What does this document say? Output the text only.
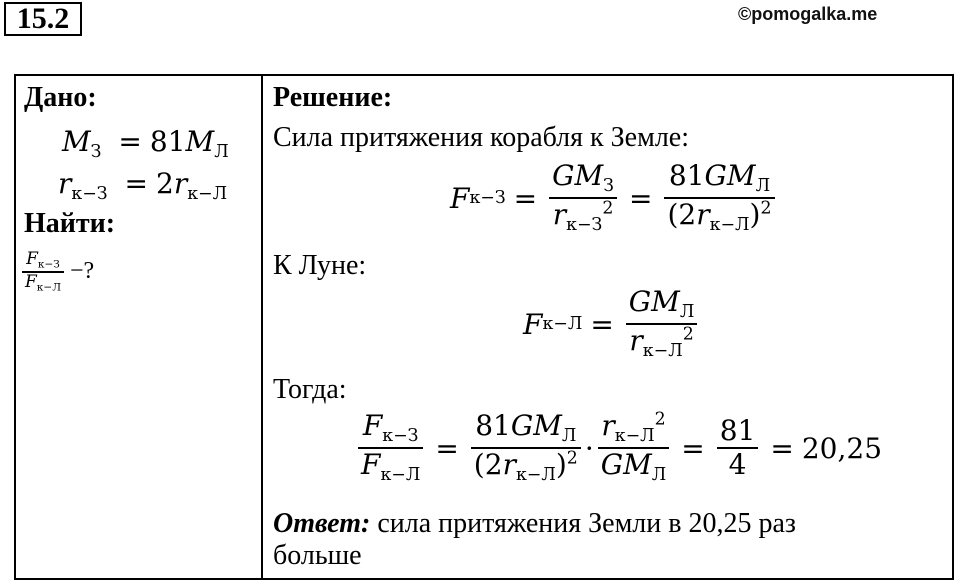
15.2	©pomogalka.me
Дано:
$M_З = 81M_Л$
$r_{к-З} = 2r_{к-Л}$
Найти:
$\frac{F_{к-З}}{F_{к-Л}}$ −?
Решение:
Сила притяжения корабля к Земле:
F $к-З = \frac{GM_З}{r_{к-З}^2} = \frac{81GM_Л}{(2r_{к-Л})^2}$
К Луне:
F $к-Л = \frac{GM_Л}{r_{к-Л}^2}$
Тогда:
$\frac{F_{к-З}}{F_{к-Л}} = \frac{81GM_Л}{(2r_{к-Л})^2} \cdot \frac{r_{к-Л}^2}{GM_Л} = \frac{81}{4} = 20,25$
Ответ: сила притяжения Земли в 20,25 раз
больше
